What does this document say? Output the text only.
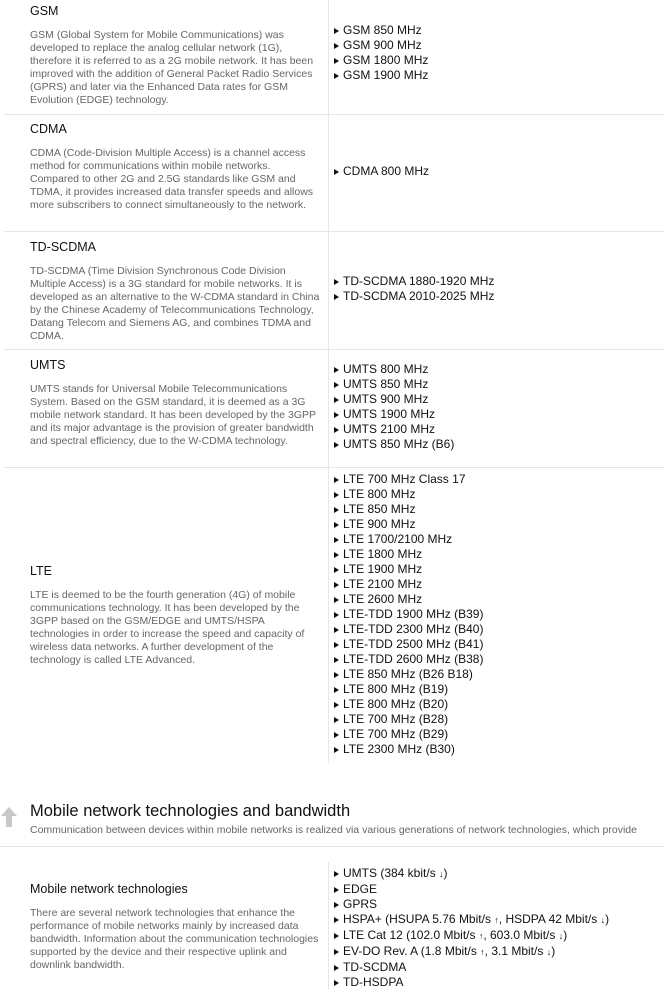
GSM
GSM (Global System for Mobile Communications) was developed to replace the analog cellular network (1G), therefore it is referred to as a 2G mobile network. It has been improved with the addition of General Packet Radio Services (GPRS) and later via the Enhanced Data rates for GSM Evolution (EDGE) technology.
GSM 850 MHz
GSM 900 MHz
GSM 1800 MHz
GSM 1900 MHz
CDMA
CDMA (Code-Division Multiple Access) is a channel access method for communications within mobile networks. Compared to other 2G and 2.5G standards like GSM and TDMA, it provides increased data transfer speeds and allows more subscribers to connect simultaneously to the network.
CDMA 800 MHz
TD-SCDMA
TD-SCDMA (Time Division Synchronous Code Division Multiple Access) is a 3G standard for mobile networks. It is developed as an alternative to the W-CDMA standard in China by the Chinese Academy of Telecommunications Technology, Datang Telecom and Siemens AG, and combines TDMA and CDMA.
TD-SCDMA 1880-1920 MHz
TD-SCDMA 2010-2025 MHz
UMTS
UMTS stands for Universal Mobile Telecommunications System. Based on the GSM standard, it is deemed as a 3G mobile network standard. It has been developed by the 3GPP and its major advantage is the provision of greater bandwidth and spectral efficiency, due to the W-CDMA technology.
UMTS 800 MHz
UMTS 850 MHz
UMTS 900 MHz
UMTS 1900 MHz
UMTS 2100 MHz
UMTS 850 MHz (B6)
LTE
LTE is deemed to be the fourth generation (4G) of mobile communications technology. It has been developed by the 3GPP based on the GSM/EDGE and UMTS/HSPA technologies in order to increase the speed and capacity of wireless data networks. A further development of the technology is called LTE Advanced.
LTE 700 MHz Class 17
LTE 800 MHz
LTE 850 MHz
LTE 900 MHz
LTE 1700/2100 MHz
LTE 1800 MHz
LTE 1900 MHz
LTE 2100 MHz
LTE 2600 MHz
LTE-TDD 1900 MHz (B39)
LTE-TDD 2300 MHz (B40)
LTE-TDD 2500 MHz (B41)
LTE-TDD 2600 MHz (B38)
LTE 850 MHz (B26 B18)
LTE 800 MHz (B19)
LTE 800 MHz (B20)
LTE 700 MHz (B28)
LTE 700 MHz (B29)
LTE 2300 MHz (B30)
Mobile network technologies and bandwidth
Communication between devices within mobile networks is realized via various generations of network technologies, which provide
Mobile network technologies
There are several network technologies that enhance the performance of mobile networks mainly by increased data bandwidth. Information about the communication technologies supported by the device and their respective uplink and downlink bandwidth.
UMTS (384 kbit/s ↓)
EDGE
GPRS
HSPA+ (HSUPA 5.76 Mbit/s ↑, HSDPA 42 Mbit/s ↓)
LTE Cat 12 (102.0 Mbit/s ↑, 603.0 Mbit/s ↓)
EV-DO Rev. A (1.8 Mbit/s ↑, 3.1 Mbit/s ↓)
TD-SCDMA
TD-HSDPA
